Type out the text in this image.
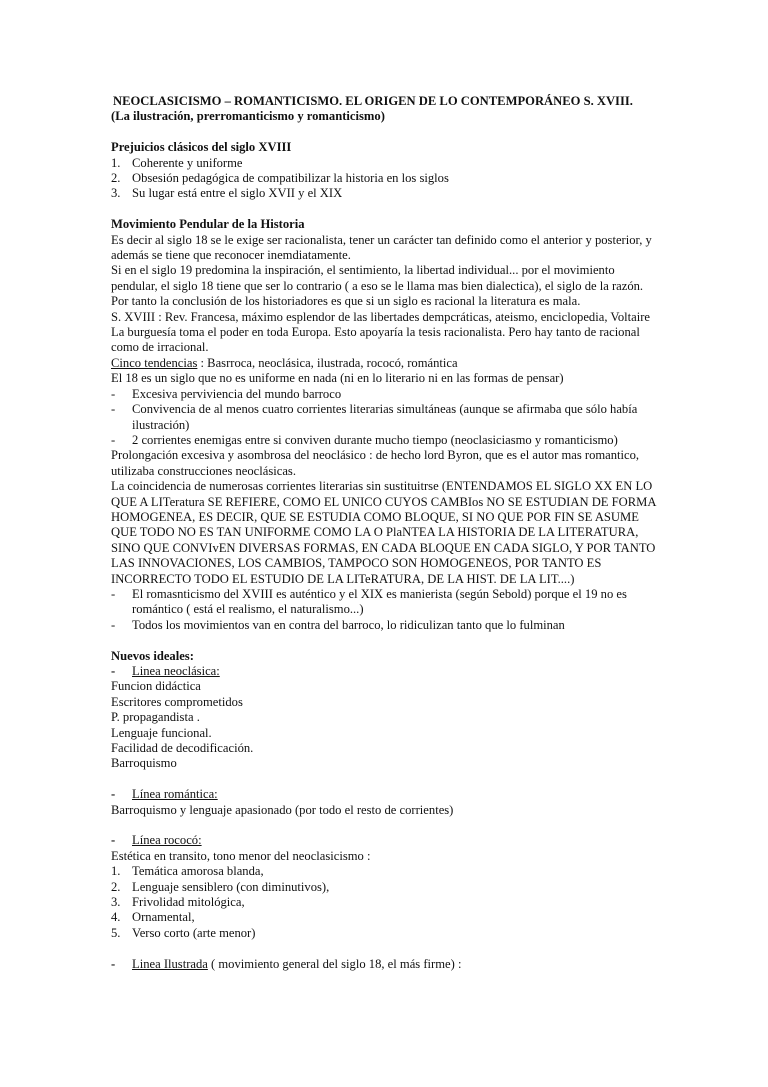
NEOCLASICISMO – ROMANTICISMO. EL ORIGEN DE LO CONTEMPORÁNEO S. XVIII.

(La ilustración, prerromanticismo y romanticismo)

Prejuicios clásicos del siglo XVIII

1. Coherente y uniforme
2. Obsesión pedagógica de compatibilizar la historia en los siglos
3. Su lugar está entre el siglo XVII y el XIX

Movimiento Pendular de la Historia

Es decir al siglo 18 se le exige ser racionalista, tener un carácter tan definido como el anterior y posterior, y además se tiene que reconocer inemdiatamente.

Si en el siglo 19 predomina la inspiración, el sentimiento, la libertad individual... por el movimiento pendular, el siglo 18 tiene que ser lo contrario ( a eso se le llama mas bien dialectica), el siglo de la razón.

Por tanto la conclusión de los historiadores es que si un siglo es racional la literatura es mala.

S. XVIII : Rev. Francesa, máximo esplendor de las libertades dempcráticas, ateismo, enciclopedia, Voltaire

La burguesía toma el poder en toda Europa. Esto apoyaría la tesis racionalista. Pero hay tanto de racional como de irracional.

Cinco tendencias : Basrroca, neoclásica, ilustrada, rococó, romántica

El 18 es un siglo que no es uniforme en nada (ni en lo literario ni en las formas de pensar)

-	Excesiva perviviencia del mundo barroco
-	Convivencia de al menos cuatro corrientes literarias simultáneas (aunque se afirmaba que sólo había ilustración)
-	2 corrientes enemigas entre si conviven durante mucho tiempo (neoclasiciasmo y romanticismo)

Prolongación excesiva y asombrosa del neoclásico : de hecho lord Byron, que es el autor mas romantico, utilizaba construcciones neoclásicas.

La coincidencia de numerosas corrientes literarias sin sustituitrse (ENTENDAMOS EL SIGLO XX EN LO QUE A LITeratura SE REFIERE, COMO EL UNICO CUYOS CAMBIos NO SE ESTUDIAN DE FORMA HOMOGENEA, ES DECIR, QUE SE ESTUDIA COMO BLOQUE, SI NO QUE POR FIN SE ASUME QUE TODO NO ES TAN UNIFORME COMO LA O PlaNTEA LA HISTORIA DE LA LITERATURA, SINO QUE CONVIvEN DIVERSAS FORMAS, EN CADA BLOQUE EN CADA SIGLO, Y POR TANTO LAS INNOVACIONES, LOS CAMBIOS, TAMPOCO SON HOMOGENEOS, POR TANTO ES INCORRECTO TODO EL ESTUDIO DE LA LITeRATURA, DE LA HIST. DE LA LIT....)

-	El romasnticismo del XVIII es auténtico y el XIX es manierista (según Sebold) porque el 19 no es romántico ( está el realismo, el naturalismo...)
-	Todos los movimientos van en contra del barroco, lo ridiculizan tanto que lo fulminan

Nuevos ideales:

-	Linea neoclásica:

Funcion didáctica

Escritores comprometidos

P. propagandista .

Lenguaje funcional.

Facilidad de decodificación.

Barroquismo

-	Línea romántica:

Barroquismo y lenguaje apasionado (por todo el resto de corrientes)

-	Línea rococó:

Estética en transito, tono menor del neoclasicismo :

1. Temática amorosa blanda,
2. Lenguaje sensiblero (con diminutivos),
3. Frivolidad mitológica,
4. Ornamental,
5. Verso corto (arte menor)
-	Linea Ilustrada ( movimiento general del siglo 18, el más firme) :
